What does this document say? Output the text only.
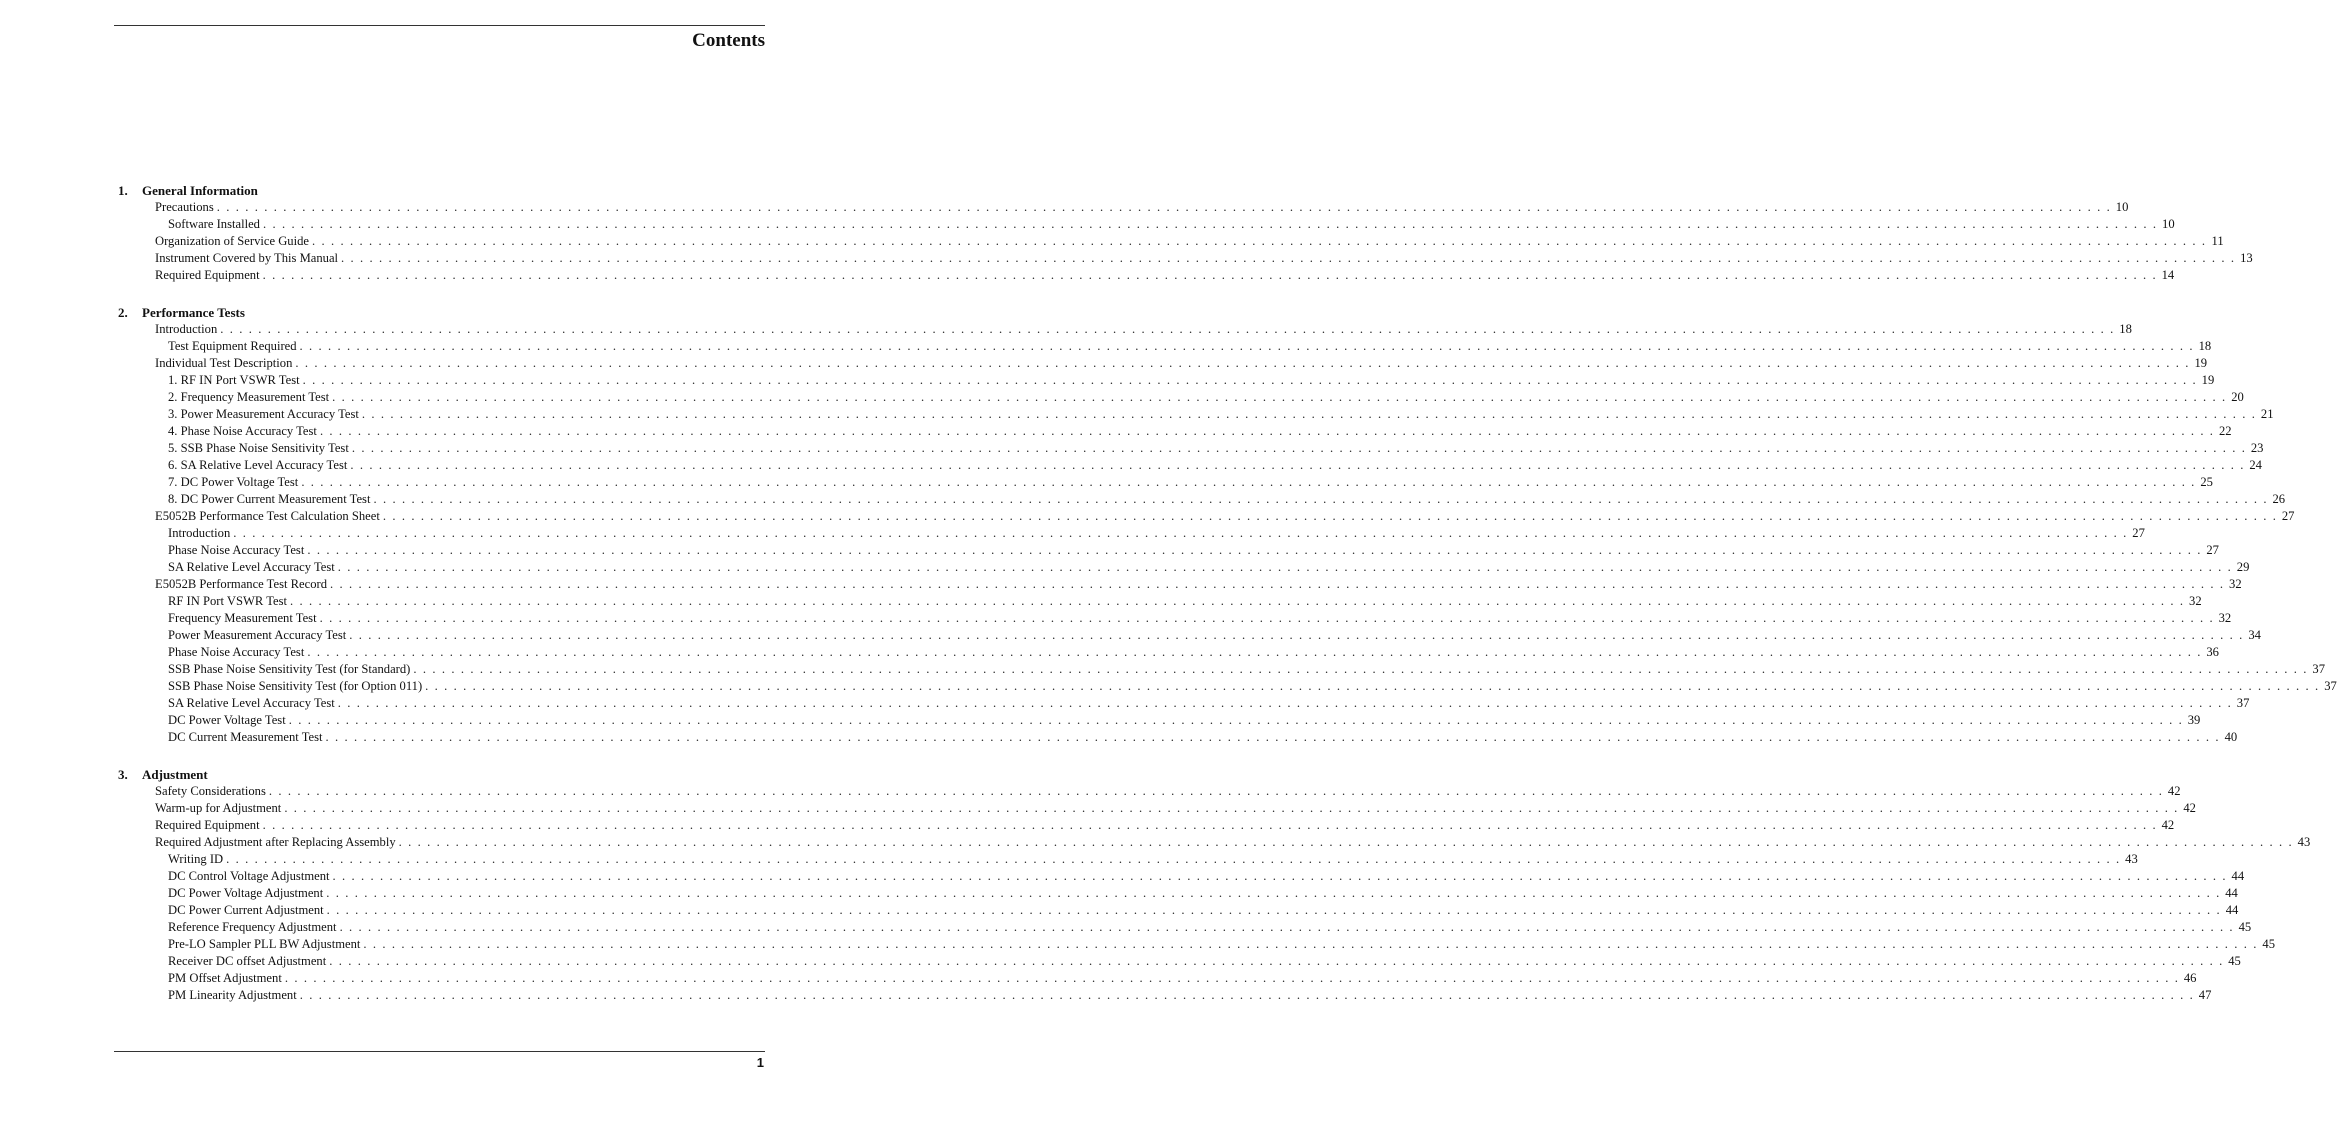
Contents
1. General Information
Precautions . . . . . . . . . . . . . . . . . . . . . . . . . . . . . . . . . . . . . . . . . . . . . . . . . . . . . . . . . . . . . . . . . . . . . . . . . . . . . . . . . . . . . . . . . . . . . . . . . . . . . . . . . . . . . . . . . . . . . . . . . . . . . . . . . . . . . . . . . . . . . . . . . . . . . . . . . . . . . . . . . . . . . . . . . . . . . . . . . . . . . . . . . . . . . . . . . . . . . . . . 10
Software Installed . . . . . . . . . . . . . . . . . . . . . . . . . . . . . . . . . . . . . . . . . . . . . . . . . . . . . . . . . . . . . . . . . . . . . . . . . . . . . . . . . . . . . . . . . . . . . . . . . . . . . . . . . . . . . . . . . . . . . . . . . . . . . . . . . . . . . . . . . . . . . . . . . . . . . . . . . . . . . . . . . . . . . . . . . . . . . . . . . . . . . . . . . . . . . . . . . . . . . . . . 10
Organization of Service Guide . . . . . . . . . . . . . . . . . . . . . . . . . . . . . . . . . . . . . . . . . . . . . . . . . . . . . . . . . . . . . . . . . . . . . . . . . . . . . . . . . . . . . . . . . . . . . . . . . . . . . . . . . . . . . . . . . . . . . . . . . . . . . . . . . . . . . . . . . . . . . . . . . . . . . . . . . . . . . . . . . . . . . . . . . . . . . . . . . . . . . . . . . . . . . . . . . . . . . . . . 11
Instrument Covered by This Manual . . . . . . . . . . . . . . . . . . . . . . . . . . . . . . . . . . . . . . . . . . . . . . . . . . . . . . . . . . . . . . . . . . . . . . . . . . . . . . . . . . . . . . . . . . . . . . . . . . . . . . . . . . . . . . . . . . . . . . . . . . . . . . . . . . . . . . . . . . . . . . . . . . . . . . . . . . . . . . . . . . . . . . . . . . . . . . . . . . . . . . . . . . . . . . . . . . . . . . . . 13
Required Equipment . . . . . . . . . . . . . . . . . . . . . . . . . . . . . . . . . . . . . . . . . . . . . . . . . . . . . . . . . . . . . . . . . . . . . . . . . . . . . . . . . . . . . . . . . . . . . . . . . . . . . . . . . . . . . . . . . . . . . . . . . . . . . . . . . . . . . . . . . . . . . . . . . . . . . . . . . . . . . . . . . . . . . . . . . . . . . . . . . . . . . . . . . . . . . . . . . . . . . . . . 14
2. Performance Tests
Introduction . . . . . . . . . . . . . . . . . . . . . . . . . . . . . . . . . . . . . . . . . . . . . . . . . . . . . . . . . . . . . . . . . . . . . . . . . . . . . . . . . . . . . . . . . . . . . . . . . . . . . . . . . . . . . . . . . . . . . . . . . . . . . . . . . . . . . . . . . . . . . . . . . . . . . . . . . . . . . . . . . . . . . . . . . . . . . . . . . . . . . . . . . . . . . . . . . . . . . . . . 18
Test Equipment Required . . . . . . . . . . . . . . . . . . . . . . . . . . . . . . . . . . . . . . . . . . . . . . . . . . . . . . . . . . . . . . . . . . . . . . . . . . . . . . . . . . . . . . . . . . . . . . . . . . . . . . . . . . . . . . . . . . . . . . . . . . . . . . . . . . . . . . . . . . . . . . . . . . . . . . . . . . . . . . . . . . . . . . . . . . . . . . . . . . . . . . . . . . . . . . . . . . . . . . . . 18
Individual Test Description . . . . . . . . . . . . . . . . . . . . . . . . . . . . . . . . . . . . . . . . . . . . . . . . . . . . . . . . . . . . . . . . . . . . . . . . . . . . . . . . . . . . . . . . . . . . . . . . . . . . . . . . . . . . . . . . . . . . . . . . . . . . . . . . . . . . . . . . . . . . . . . . . . . . . . . . . . . . . . . . . . . . . . . . . . . . . . . . . . . . . . . . . . . . . . . . . . . . . . . . 19
1. RF IN Port VSWR Test . . . . . . . . . . . . . . . . . . . . . . . . . . . . . . . . . . . . . . . . . . . . . . . . . . . . . . . . . . . . . . . . . . . . . . . . . . . . . . . . . . . . . . . . . . . . . . . . . . . . . . . . . . . . . . . . . . . . . . . . . . . . . . . . . . . . . . . . . . . . . . . . . . . . . . . . . . . . . . . . . . . . . . . . . . . . . . . . . . . . . . . . . . . . . . . . . . . . . . . . 19
2. Frequency Measurement Test . . . . . . . . . . . . . . . . . . . . . . . . . . . . . . . . . . . . . . . . . . . . . . . . . . . . . . . . . . . . . . . . . . . . . . . . . . . . . . . . . . . . . . . . . . . . . . . . . . . . . . . . . . . . . . . . . . . . . . . . . . . . . . . . . . . . . . . . . . . . . . . . . . . . . . . . . . . . . . . . . . . . . . . . . . . . . . . . . . . . . . . . . . . . . . . . . . . . . . . . 20
3. Power Measurement Accuracy Test . . . . . . . . . . . . . . . . . . . . . . . . . . . . . . . . . . . . . . . . . . . . . . . . . . . . . . . . . . . . . . . . . . . . . . . . . . . . . . . . . . . . . . . . . . . . . . . . . . . . . . . . . . . . . . . . . . . . . . . . . . . . . . . . . . . . . . . . . . . . . . . . . . . . . . . . . . . . . . . . . . . . . . . . . . . . . . . . . . . . . . . . . . . . . . . . . . . . . . . . 21
4. Phase Noise Accuracy Test . . . . . . . . . . . . . . . . . . . . . . . . . . . . . . . . . . . . . . . . . . . . . . . . . . . . . . . . . . . . . . . . . . . . . . . . . . . . . . . . . . . . . . . . . . . . . . . . . . . . . . . . . . . . . . . . . . . . . . . . . . . . . . . . . . . . . . . . . . . . . . . . . . . . . . . . . . . . . . . . . . . . . . . . . . . . . . . . . . . . . . . . . . . . . . . . . . . . . . . . 22
5. SSB Phase Noise Sensitivity Test . . . . . . . . . . . . . . . . . . . . . . . . . . . . . . . . . . . . . . . . . . . . . . . . . . . . . . . . . . . . . . . . . . . . . . . . . . . . . . . . . . . . . . . . . . . . . . . . . . . . . . . . . . . . . . . . . . . . . . . . . . . . . . . . . . . . . . . . . . . . . . . . . . . . . . . . . . . . . . . . . . . . . . . . . . . . . . . . . . . . . . . . . . . . . . . . . . . . . . . . 23
6. SA Relative Level Accuracy Test . . . . . . . . . . . . . . . . . . . . . . . . . . . . . . . . . . . . . . . . . . . . . . . . . . . . . . . . . . . . . . . . . . . . . . . . . . . . . . . . . . . . . . . . . . . . . . . . . . . . . . . . . . . . . . . . . . . . . . . . . . . . . . . . . . . . . . . . . . . . . . . . . . . . . . . . . . . . . . . . . . . . . . . . . . . . . . . . . . . . . . . . . . . . . . . . . . . . . . . . 24
7. DC Power Voltage Test . . . . . . . . . . . . . . . . . . . . . . . . . . . . . . . . . . . . . . . . . . . . . . . . . . . . . . . . . . . . . . . . . . . . . . . . . . . . . . . . . . . . . . . . . . . . . . . . . . . . . . . . . . . . . . . . . . . . . . . . . . . . . . . . . . . . . . . . . . . . . . . . . . . . . . . . . . . . . . . . . . . . . . . . . . . . . . . . . . . . . . . . . . . . . . . . . . . . . . . . 25
8. DC Power Current Measurement Test . . . . . . . . . . . . . . . . . . . . . . . . . . . . . . . . . . . . . . . . . . . . . . . . . . . . . . . . . . . . . . . . . . . . . . . . . . . . . . . . . . . . . . . . . . . . . . . . . . . . . . . . . . . . . . . . . . . . . . . . . . . . . . . . . . . . . . . . . . . . . . . . . . . . . . . . . . . . . . . . . . . . . . . . . . . . . . . . . . . . . . . . . . . . . . . . . . . . . . . . 26
E5052B Performance Test Calculation Sheet . . . . . . . . . . . . . . . . . . . . . . . . . . . . . . . . . . . . . . . . . . . . . . . . . . . . . . . . . . . . . . . . . . . . . . . . . . . . . . . . . . . . . . . . . . . . . . . . . . . . . . . . . . . . . . . . . . . . . . . . . . . . . . . . . . . . . . . . . . . . . . . . . . . . . . . . . . . . . . . . . . . . . . . . . . . . . . . . . . . . . . . . . . . . . . . . . . . . . . . . 27
Introduction . . . . . . . . . . . . . . . . . . . . . . . . . . . . . . . . . . . . . . . . . . . . . . . . . . . . . . . . . . . . . . . . . . . . . . . . . . . . . . . . . . . . . . . . . . . . . . . . . . . . . . . . . . . . . . . . . . . . . . . . . . . . . . . . . . . . . . . . . . . . . . . . . . . . . . . . . . . . . . . . . . . . . . . . . . . . . . . . . . . . . . . . . . . . . . . . . . . . . . . . 27
Phase Noise Accuracy Test . . . . . . . . . . . . . . . . . . . . . . . . . . . . . . . . . . . . . . . . . . . . . . . . . . . . . . . . . . . . . . . . . . . . . . . . . . . . . . . . . . . . . . . . . . . . . . . . . . . . . . . . . . . . . . . . . . . . . . . . . . . . . . . . . . . . . . . . . . . . . . . . . . . . . . . . . . . . . . . . . . . . . . . . . . . . . . . . . . . . . . . . . . . . . . . . . . . . . . . . 27
SA Relative Level Accuracy Test . . . . . . . . . . . . . . . . . . . . . . . . . . . . . . . . . . . . . . . . . . . . . . . . . . . . . . . . . . . . . . . . . . . . . . . . . . . . . . . . . . . . . . . . . . . . . . . . . . . . . . . . . . . . . . . . . . . . . . . . . . . . . . . . . . . . . . . . . . . . . . . . . . . . . . . . . . . . . . . . . . . . . . . . . . . . . . . . . . . . . . . . . . . . . . . . . . . . . . . . 29
E5052B Performance Test Record . . . . . . . . . . . . . . . . . . . . . . . . . . . . . . . . . . . . . . . . . . . . . . . . . . . . . . . . . . . . . . . . . . . . . . . . . . . . . . . . . . . . . . . . . . . . . . . . . . . . . . . . . . . . . . . . . . . . . . . . . . . . . . . . . . . . . . . . . . . . . . . . . . . . . . . . . . . . . . . . . . . . . . . . . . . . . . . . . . . . . . . . . . . . . . . . . . . . . . . . 32
RF IN Port VSWR Test . . . . . . . . . . . . . . . . . . . . . . . . . . . . . . . . . . . . . . . . . . . . . . . . . . . . . . . . . . . . . . . . . . . . . . . . . . . . . . . . . . . . . . . . . . . . . . . . . . . . . . . . . . . . . . . . . . . . . . . . . . . . . . . . . . . . . . . . . . . . . . . . . . . . . . . . . . . . . . . . . . . . . . . . . . . . . . . . . . . . . . . . . . . . . . . . . . . . . . . . 32
Frequency Measurement Test . . . . . . . . . . . . . . . . . . . . . . . . . . . . . . . . . . . . . . . . . . . . . . . . . . . . . . . . . . . . . . . . . . . . . . . . . . . . . . . . . . . . . . . . . . . . . . . . . . . . . . . . . . . . . . . . . . . . . . . . . . . . . . . . . . . . . . . . . . . . . . . . . . . . . . . . . . . . . . . . . . . . . . . . . . . . . . . . . . . . . . . . . . . . . . . . . . . . . . . . 32
Power Measurement Accuracy Test . . . . . . . . . . . . . . . . . . . . . . . . . . . . . . . . . . . . . . . . . . . . . . . . . . . . . . . . . . . . . . . . . . . . . . . . . . . . . . . . . . . . . . . . . . . . . . . . . . . . . . . . . . . . . . . . . . . . . . . . . . . . . . . . . . . . . . . . . . . . . . . . . . . . . . . . . . . . . . . . . . . . . . . . . . . . . . . . . . . . . . . . . . . . . . . . . . . . . . . . 34
Phase Noise Accuracy Test . . . . . . . . . . . . . . . . . . . . . . . . . . . . . . . . . . . . . . . . . . . . . . . . . . . . . . . . . . . . . . . . . . . . . . . . . . . . . . . . . . . . . . . . . . . . . . . . . . . . . . . . . . . . . . . . . . . . . . . . . . . . . . . . . . . . . . . . . . . . . . . . . . . . . . . . . . . . . . . . . . . . . . . . . . . . . . . . . . . . . . . . . . . . . . . . . . . . . . . . 36
SSB Phase Noise Sensitivity Test (for Standard) . . . . . . . . . . . . . . . . . . . . . . . . . . . . . . . . . . . . . . . . . . . . . . . . . . . . . . . . . . . . . . . . . . . . . . . . . . . . . . . . . . . . . . . . . . . . . . . . . . . . . . . . . . . . . . . . . . . . . . . . . . . . . . . . . . . . . . . . . . . . . . . . . . . . . . . . . . . . . . . . . . . . . . . . . . . . . . . . . . . . . . . . . . . . . . . . . . . . . . . . 37
SSB Phase Noise Sensitivity Test (for Option 011) . . . . . . . . . . . . . . . . . . . . . . . . . . . . . . . . . . . . . . . . . . . . . . . . . . . . . . . . . . . . . . . . . . . . . . . . . . . . . . . . . . . . . . . . . . . . . . . . . . . . . . . . . . . . . . . . . . . . . . . . . . . . . . . . . . . . . . . . . . . . . . . . . . . . . . . . . . . . . . . . . . . . . . . . . . . . . . . . . . . . . . . . . . . . . . . . . . . . . . . . 37
SA Relative Level Accuracy Test . . . . . . . . . . . . . . . . . . . . . . . . . . . . . . . . . . . . . . . . . . . . . . . . . . . . . . . . . . . . . . . . . . . . . . . . . . . . . . . . . . . . . . . . . . . . . . . . . . . . . . . . . . . . . . . . . . . . . . . . . . . . . . . . . . . . . . . . . . . . . . . . . . . . . . . . . . . . . . . . . . . . . . . . . . . . . . . . . . . . . . . . . . . . . . . . . . . . . . . . 37
DC Power Voltage Test . . . . . . . . . . . . . . . . . . . . . . . . . . . . . . . . . . . . . . . . . . . . . . . . . . . . . . . . . . . . . . . . . . . . . . . . . . . . . . . . . . . . . . . . . . . . . . . . . . . . . . . . . . . . . . . . . . . . . . . . . . . . . . . . . . . . . . . . . . . . . . . . . . . . . . . . . . . . . . . . . . . . . . . . . . . . . . . . . . . . . . . . . . . . . . . . . . . . . . . . 39
DC Current Measurement Test . . . . . . . . . . . . . . . . . . . . . . . . . . . . . . . . . . . . . . . . . . . . . . . . . . . . . . . . . . . . . . . . . . . . . . . . . . . . . . . . . . . . . . . . . . . . . . . . . . . . . . . . . . . . . . . . . . . . . . . . . . . . . . . . . . . . . . . . . . . . . . . . . . . . . . . . . . . . . . . . . . . . . . . . . . . . . . . . . . . . . . . . . . . . . . . . . . . . . . . . 40
3. Adjustment
Safety Considerations . . . . . . . . . . . . . . . . . . . . . . . . . . . . . . . . . . . . . . . . . . . . . . . . . . . . . . . . . . . . . . . . . . . . . . . . . . . . . . . . . . . . . . . . . . . . . . . . . . . . . . . . . . . . . . . . . . . . . . . . . . . . . . . . . . . . . . . . . . . . . . . . . . . . . . . . . . . . . . . . . . . . . . . . . . . . . . . . . . . . . . . . . . . . . . . . . . . . . . . . 42
Warm-up for Adjustment . . . . . . . . . . . . . . . . . . . . . . . . . . . . . . . . . . . . . . . . . . . . . . . . . . . . . . . . . . . . . . . . . . . . . . . . . . . . . . . . . . . . . . . . . . . . . . . . . . . . . . . . . . . . . . . . . . . . . . . . . . . . . . . . . . . . . . . . . . . . . . . . . . . . . . . . . . . . . . . . . . . . . . . . . . . . . . . . . . . . . . . . . . . . . . . . . . . . . . . . 42
Required Equipment . . . . . . . . . . . . . . . . . . . . . . . . . . . . . . . . . . . . . . . . . . . . . . . . . . . . . . . . . . . . . . . . . . . . . . . . . . . . . . . . . . . . . . . . . . . . . . . . . . . . . . . . . . . . . . . . . . . . . . . . . . . . . . . . . . . . . . . . . . . . . . . . . . . . . . . . . . . . . . . . . . . . . . . . . . . . . . . . . . . . . . . . . . . . . . . . . . . . . . . . 42
Required Adjustment after Replacing Assembly . . . . . . . . . . . . . . . . . . . . . . . . . . . . . . . . . . . . . . . . . . . . . . . . . . . . . . . . . . . . . . . . . . . . . . . . . . . . . . . . . . . . . . . . . . . . . . . . . . . . . . . . . . . . . . . . . . . . . . . . . . . . . . . . . . . . . . . . . . . . . . . . . . . . . . . . . . . . . . . . . . . . . . . . . . . . . . . . . . . . . . . . . . . . . . . . . . . . . . . . 43
Writing ID . . . . . . . . . . . . . . . . . . . . . . . . . . . . . . . . . . . . . . . . . . . . . . . . . . . . . . . . . . . . . . . . . . . . . . . . . . . . . . . . . . . . . . . . . . . . . . . . . . . . . . . . . . . . . . . . . . . . . . . . . . . . . . . . . . . . . . . . . . . . . . . . . . . . . . . . . . . . . . . . . . . . . . . . . . . . . . . . . . . . . . . . . . . . . . . . . . . . . . . . 43
DC Control Voltage Adjustment . . . . . . . . . . . . . . . . . . . . . . . . . . . . . . . . . . . . . . . . . . . . . . . . . . . . . . . . . . . . . . . . . . . . . . . . . . . . . . . . . . . . . . . . . . . . . . . . . . . . . . . . . . . . . . . . . . . . . . . . . . . . . . . . . . . . . . . . . . . . . . . . . . . . . . . . . . . . . . . . . . . . . . . . . . . . . . . . . . . . . . . . . . . . . . . . . . . . . . . . 44
DC Power Voltage Adjustment . . . . . . . . . . . . . . . . . . . . . . . . . . . . . . . . . . . . . . . . . . . . . . . . . . . . . . . . . . . . . . . . . . . . . . . . . . . . . . . . . . . . . . . . . . . . . . . . . . . . . . . . . . . . . . . . . . . . . . . . . . . . . . . . . . . . . . . . . . . . . . . . . . . . . . . . . . . . . . . . . . . . . . . . . . . . . . . . . . . . . . . . . . . . . . . . . . . . . . . . 44
DC Power Current Adjustment . . . . . . . . . . . . . . . . . . . . . . . . . . . . . . . . . . . . . . . . . . . . . . . . . . . . . . . . . . . . . . . . . . . . . . . . . . . . . . . . . . . . . . . . . . . . . . . . . . . . . . . . . . . . . . . . . . . . . . . . . . . . . . . . . . . . . . . . . . . . . . . . . . . . . . . . . . . . . . . . . . . . . . . . . . . . . . . . . . . . . . . . . . . . . . . . . . . . . . . . 44
Reference Frequency Adjustment . . . . . . . . . . . . . . . . . . . . . . . . . . . . . . . . . . . . . . . . . . . . . . . . . . . . . . . . . . . . . . . . . . . . . . . . . . . . . . . . . . . . . . . . . . . . . . . . . . . . . . . . . . . . . . . . . . . . . . . . . . . . . . . . . . . . . . . . . . . . . . . . . . . . . . . . . . . . . . . . . . . . . . . . . . . . . . . . . . . . . . . . . . . . . . . . . . . . . . . . 45
Pre-LO Sampler PLL BW Adjustment . . . . . . . . . . . . . . . . . . . . . . . . . . . . . . . . . . . . . . . . . . . . . . . . . . . . . . . . . . . . . . . . . . . . . . . . . . . . . . . . . . . . . . . . . . . . . . . . . . . . . . . . . . . . . . . . . . . . . . . . . . . . . . . . . . . . . . . . . . . . . . . . . . . . . . . . . . . . . . . . . . . . . . . . . . . . . . . . . . . . . . . . . . . . . . . . . . . . . . . . 45
Receiver DC offset Adjustment . . . . . . . . . . . . . . . . . . . . . . . . . . . . . . . . . . . . . . . . . . . . . . . . . . . . . . . . . . . . . . . . . . . . . . . . . . . . . . . . . . . . . . . . . . . . . . . . . . . . . . . . . . . . . . . . . . . . . . . . . . . . . . . . . . . . . . . . . . . . . . . . . . . . . . . . . . . . . . . . . . . . . . . . . . . . . . . . . . . . . . . . . . . . . . . . . . . . . . . . 45
PM Offset Adjustment . . . . . . . . . . . . . . . . . . . . . . . . . . . . . . . . . . . . . . . . . . . . . . . . . . . . . . . . . . . . . . . . . . . . . . . . . . . . . . . . . . . . . . . . . . . . . . . . . . . . . . . . . . . . . . . . . . . . . . . . . . . . . . . . . . . . . . . . . . . . . . . . . . . . . . . . . . . . . . . . . . . . . . . . . . . . . . . . . . . . . . . . . . . . . . . . . . . . . . . . 46
PM Linearity Adjustment . . . . . . . . . . . . . . . . . . . . . . . . . . . . . . . . . . . . . . . . . . . . . . . . . . . . . . . . . . . . . . . . . . . . . . . . . . . . . . . . . . . . . . . . . . . . . . . . . . . . . . . . . . . . . . . . . . . . . . . . . . . . . . . . . . . . . . . . . . . . . . . . . . . . . . . . . . . . . . . . . . . . . . . . . . . . . . . . . . . . . . . . . . . . . . . . . . . . . . . . 47
1
